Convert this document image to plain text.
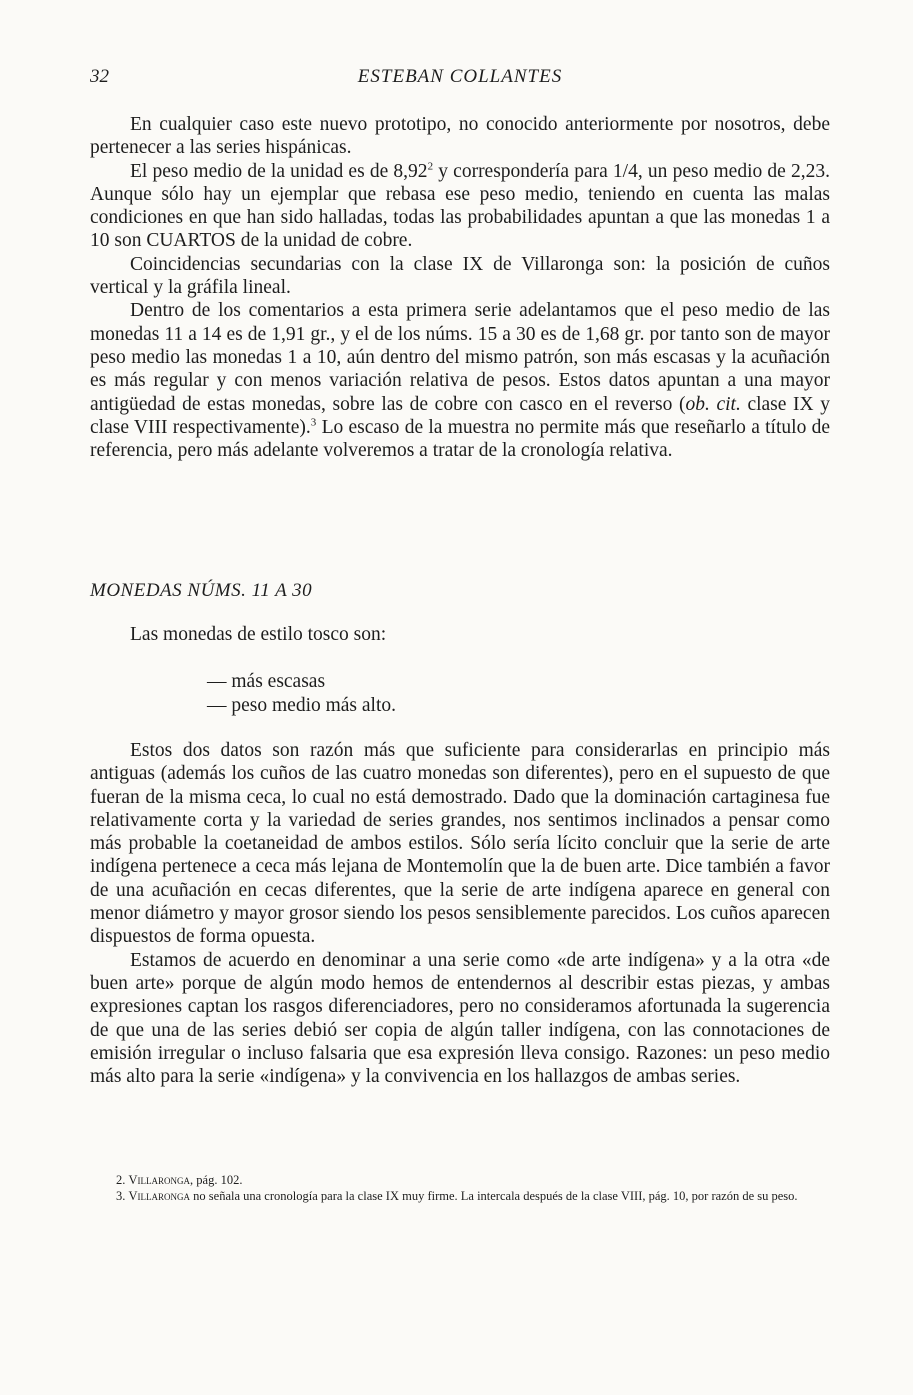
32	ESTEBAN COLLANTES

En cualquier caso este nuevo prototipo, no conocido anteriormente por nosotros, debe pertenecer a las series hispánicas.

El peso medio de la unidad es de 8,92$^2$ y correspondería para 1/4, un peso medio de 2,23. Aunque sólo hay un ejemplar que rebasa ese peso medio, teniendo en cuenta las malas condiciones en que han sido halladas, todas las probabilidades apuntan a que las monedas 1 a 10 son CUARTOS de la unidad de cobre.

Coincidencias secundarias con la clase IX de Villaronga son: la posición de cuños vertical y la gráfila lineal.

Dentro de los comentarios a esta primera serie adelantamos que el peso medio de las monedas 11 a 14 es de 1,91 gr., y el de los núms. 15 a 30 es de 1,68 gr. por tanto son de mayor peso medio las monedas 1 a 10, aún dentro del mismo patrón, son más escasas y la acuñación es más regular y con menos variación relativa de pesos. Estos datos apuntan a una mayor antigüedad de estas monedas, sobre las de cobre con casco en el reverso (ob. cit. clase IX y clase VIII respectivamente).$^3$ Lo escaso de la muestra no permite más que reseñarlo a título de referencia, pero más adelante volveremos a tratar de la cronología relativa.

MONEDAS NÚMS. 11 A 30
Las monedas de estilo tosco son:
— más escasas
— peso medio más alto.

Estos dos datos son razón más que suficiente para considerarlas en principio más antiguas (además los cuños de las cuatro monedas son diferentes), pero en el supuesto de que fueran de la misma ceca, lo cual no está demostrado. Dado que la dominación cartaginesa fue relativamente corta y la variedad de series grandes, nos sentimos inclinados a pensar como más probable la coetaneidad de ambos estilos. Sólo sería lícito concluir que la serie de arte indígena pertenece a ceca más lejana de Montemolín que la de buen arte. Dice también a favor de una acuñación en cecas diferentes, que la serie de arte indígena aparece en general con menor diámetro y mayor grosor siendo los pesos sensiblemente parecidos. Los cuños aparecen dispuestos de forma opuesta.

Estamos de acuerdo en denominar a una serie como «de arte indígena» y a la otra «de buen arte» porque de algún modo hemos de entendernos al describir estas piezas, y ambas expresiones captan los rasgos diferenciadores, pero no consideramos afortunada la sugerencia de que una de las series debió ser copia de algún taller indígena, con las connotaciones de emisión irregular o incluso falsaria que esa expresión lleva consigo. Razones: un peso medio más alto para la serie «indígena» y la convivencia en los hallazgos de ambas series.

2. Villaronga, pág. 102.

3. Villaronga no señala una cronología para la clase IX muy firme. La intercala después de la clase VIII, pág. 10, por razón de su peso.
